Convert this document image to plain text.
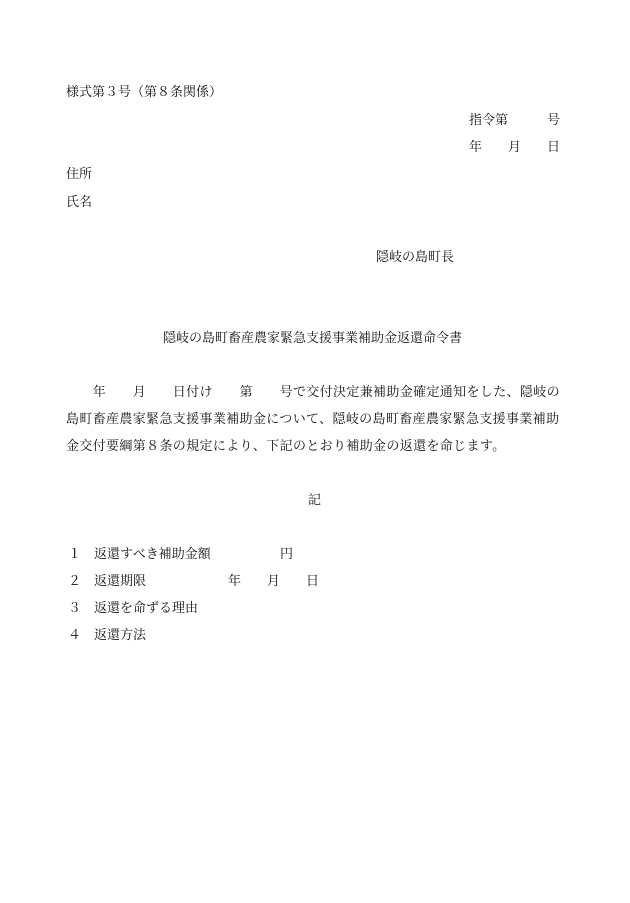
様式第３号（第８条関係）
指令第　　　号
年　　月　　日
住所
氏名
隠岐の島町長
隠岐の島町畜産農家緊急支援事業補助金返還命令書
　　年　　月　　日付け　　第　　号で交付決定兼補助金確定通知をした、隠岐の
島町畜産農家緊急支援事業補助金について、隠岐の島町畜産農家緊急支援事業補助
金交付要綱第８条の規定により、下記のとおり補助金の返還を命じます。
記
１ 返還すべき補助金額	円
２ 返還期限	年　　月　　日
３ 返還を命ずる理由
４ 返還方法
